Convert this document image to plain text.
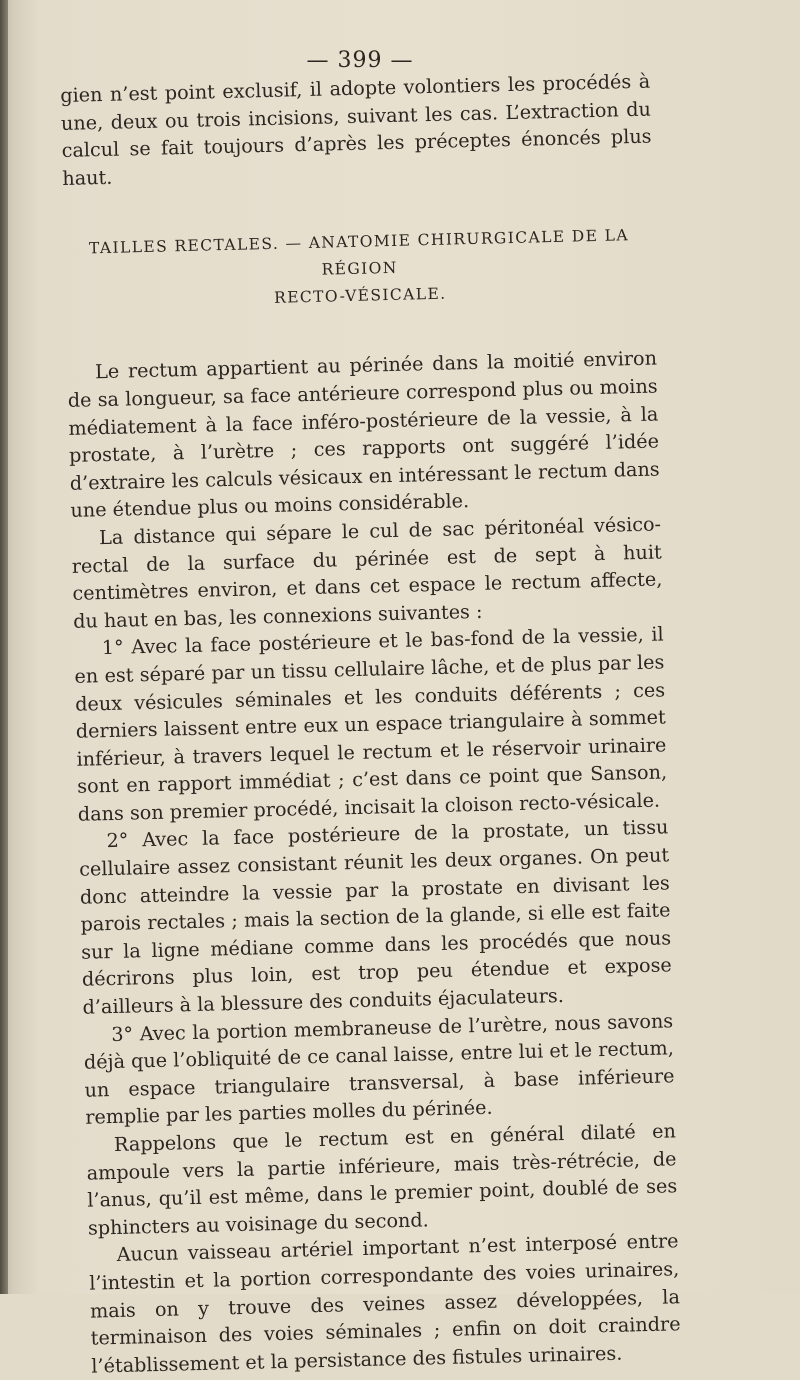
— 399 —

gien n’est point exclusif, il adopte volontiers les procédés à une, deux ou trois incisions, suivant les cas. L’extraction du calcul se fait toujours d’après les préceptes énoncés plus haut.

TAILLES RECTALES. — ANATOMIE CHIRURGICALE DE LA RÉGION
RECTO-VÉSICALE.

Le rectum appartient au périnée dans la moitié environ de sa longueur, sa face antérieure correspond plus ou moins médiatement à la face inféro-postérieure de la vessie, à la prostate, à l’urètre ; ces rapports ont suggéré l’idée d’extraire les calculs vésicaux en intéressant le rectum dans une étendue plus ou moins considérable.

La distance qui sépare le cul de sac péritonéal vésico-rectal de la surface du périnée est de sept à huit centimètres environ, et dans cet espace le rectum affecte, du haut en bas, les connexions suivantes :

1° Avec la face postérieure et le bas-fond de la vessie, il en est séparé par un tissu cellulaire lâche, et de plus par les deux vésicules séminales et les conduits déférents ; ces derniers laissent entre eux un espace triangulaire à sommet inférieur, à travers lequel le rectum et le réservoir urinaire sont en rapport immédiat ; c’est dans ce point que Sanson, dans son premier procédé, incisait la cloison recto-vésicale.

2° Avec la face postérieure de la prostate, un tissu cellulaire assez consistant réunit les deux organes. On peut donc atteindre la vessie par la prostate en divisant les parois rectales ; mais la section de la glande, si elle est faite sur la ligne médiane comme dans les procédés que nous décrirons plus loin, est trop peu étendue et expose d’ailleurs à la blessure des conduits éjaculateurs.

3° Avec la portion membraneuse de l’urètre, nous savons déjà que l’obliquité de ce canal laisse, entre lui et le rectum, un espace triangulaire transversal, à base inférieure remplie par les parties molles du périnée.

Rappelons que le rectum est en général dilaté en ampoule vers la partie inférieure, mais très-rétrécie, de l’anus, qu’il est même, dans le premier point, doublé de ses sphincters au voisinage du second.

Aucun vaisseau artériel important n’est interposé entre l’intestin et la portion correspondante des voies urinaires, mais on y trouve des veines assez développées, la terminaison des voies séminales ; enfin on doit craindre l’établissement et la persistance des fistules urinaires.
